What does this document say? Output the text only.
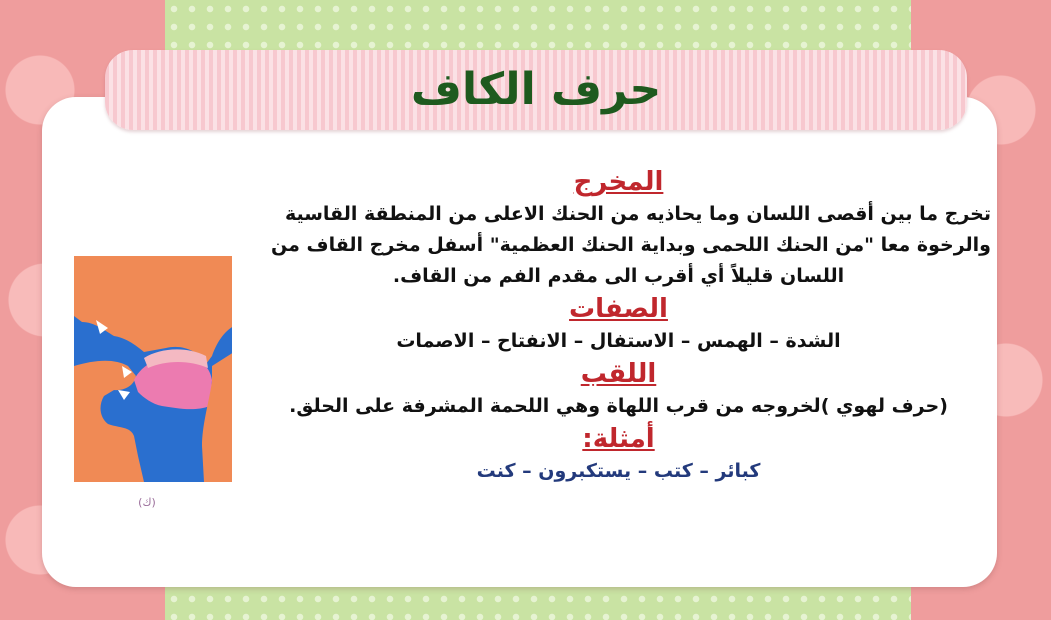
حرف الكاف
المخرج
تخرج ما بين أقصى اللسان وما يحاذيه من الحنك الاعلى من المنطقة القاسية
والرخوة معا "من الحنك اللحمى وبداية الحنك العظمية" أسفل مخرج القاف من
اللسان قليلاً أي أقرب الى مقدم الفم من القاف.
الصفات
الشدة – الهمس – الاستفال – الانفتاح – الاصمات
اللقب
(حرف لهوي )لخروجه من قرب اللهاة وهي اللحمة المشرفة على الحلق.
أمثلة:
كبائر – كتب – يستكبرون – كنت
(ك)
